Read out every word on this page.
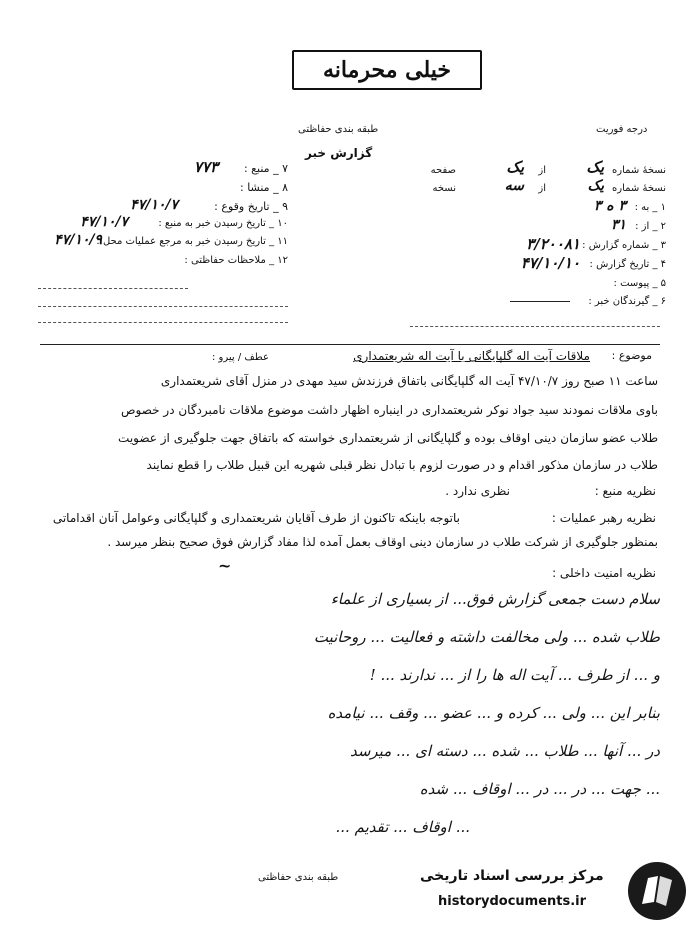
خیلی محرمانه
طبقه بندی حفاظتی	درجه فوریت
گزارش خبر
۷ _ منبع :
۷۷۳
۸ _ منشا :
۹ _ تاریخ وقوع :
۴۷/۱۰/۷
۱۰ _ تاریخ رسیدن خبر به منبع :
۴۷/۱۰/۷
۱۱ _ تاریخ رسیدن خبر به مرجع عملیات محل :
۴۷/۱۰/۹
۱۲ _ ملاحظات حفاظتی :
نسخهٔ شماره
یک
از
یک
صفحه
نسخهٔ شماره
یک
از
سه
نسخه
۱ _ به :
۳ ه ۳
۲ _ از :
۳۱
۳ _ شماره گزارش :
۳/۲۰۰۸۱
۴ _ تاریخ گزارش :
۴۷/۱۰/۱۰
۵ _ پیوست :
۶ _ گیرندگان خبر :
موضوع :
ملاقات آیت اله گلپایگانی با آیت اله شریعتمداری
عطف / پیرو :
ساعت ۱۱ صبح روز ۴۷/۱۰/۷ آیت اله گلپایگانی باتفاق فرزندش سید مهدی در منزل آقای شریعتمداری
باوی ملاقات نمودند سید جواد نوکر شریعتمداری در اینباره اظهار داشت موضوع ملاقات نامبردگان در خصوص
طلاب عضو سازمان دینی اوقاف بوده و گلپایگانی از شریعتمداری خواسته که باتفاق جهت جلوگیری از عضویت
طلاب در سازمان مذکور اقدام و در صورت لزوم با تبادل نظر قبلی شهریه این قبیل طلاب را قطع نمایند
نظریه منبع :
نظری ندارد .
نظریه رهبر عملیات :
باتوجه باینکه تاکنون از طرف آقایان شریعتمداری و گلپایگانی وعوامل آنان اقداماتی
بمنظور جلوگیری از شرکت طلاب در سازمان دینی اوقاف بعمل آمده لذا مفاد گزارش فوق صحیح بنظر میرسد .
نظریه امنیت داخلی :
~
سلام دست جمعی گزارش فوق... از بسیاری از علماء
طلاب شده ... ولی مخالفت داشته و فعالیت ... روحانیت
و ... از طرف ... آیت اله ها را از ... ندارند ... !
بنابر این ... ولی ... کرده و ... عضو ... وقف ... نیامده
در ... آنها ... طلاب ... شده ... دسته ای ... میرسد
... جهت ... در ... در ... اوقاف ... شده
... اوقاف ... تقدیم ...
طبقه بندی حفاظتی	مرکز بررسی اسناد تاریخی
historydocuments.ir
